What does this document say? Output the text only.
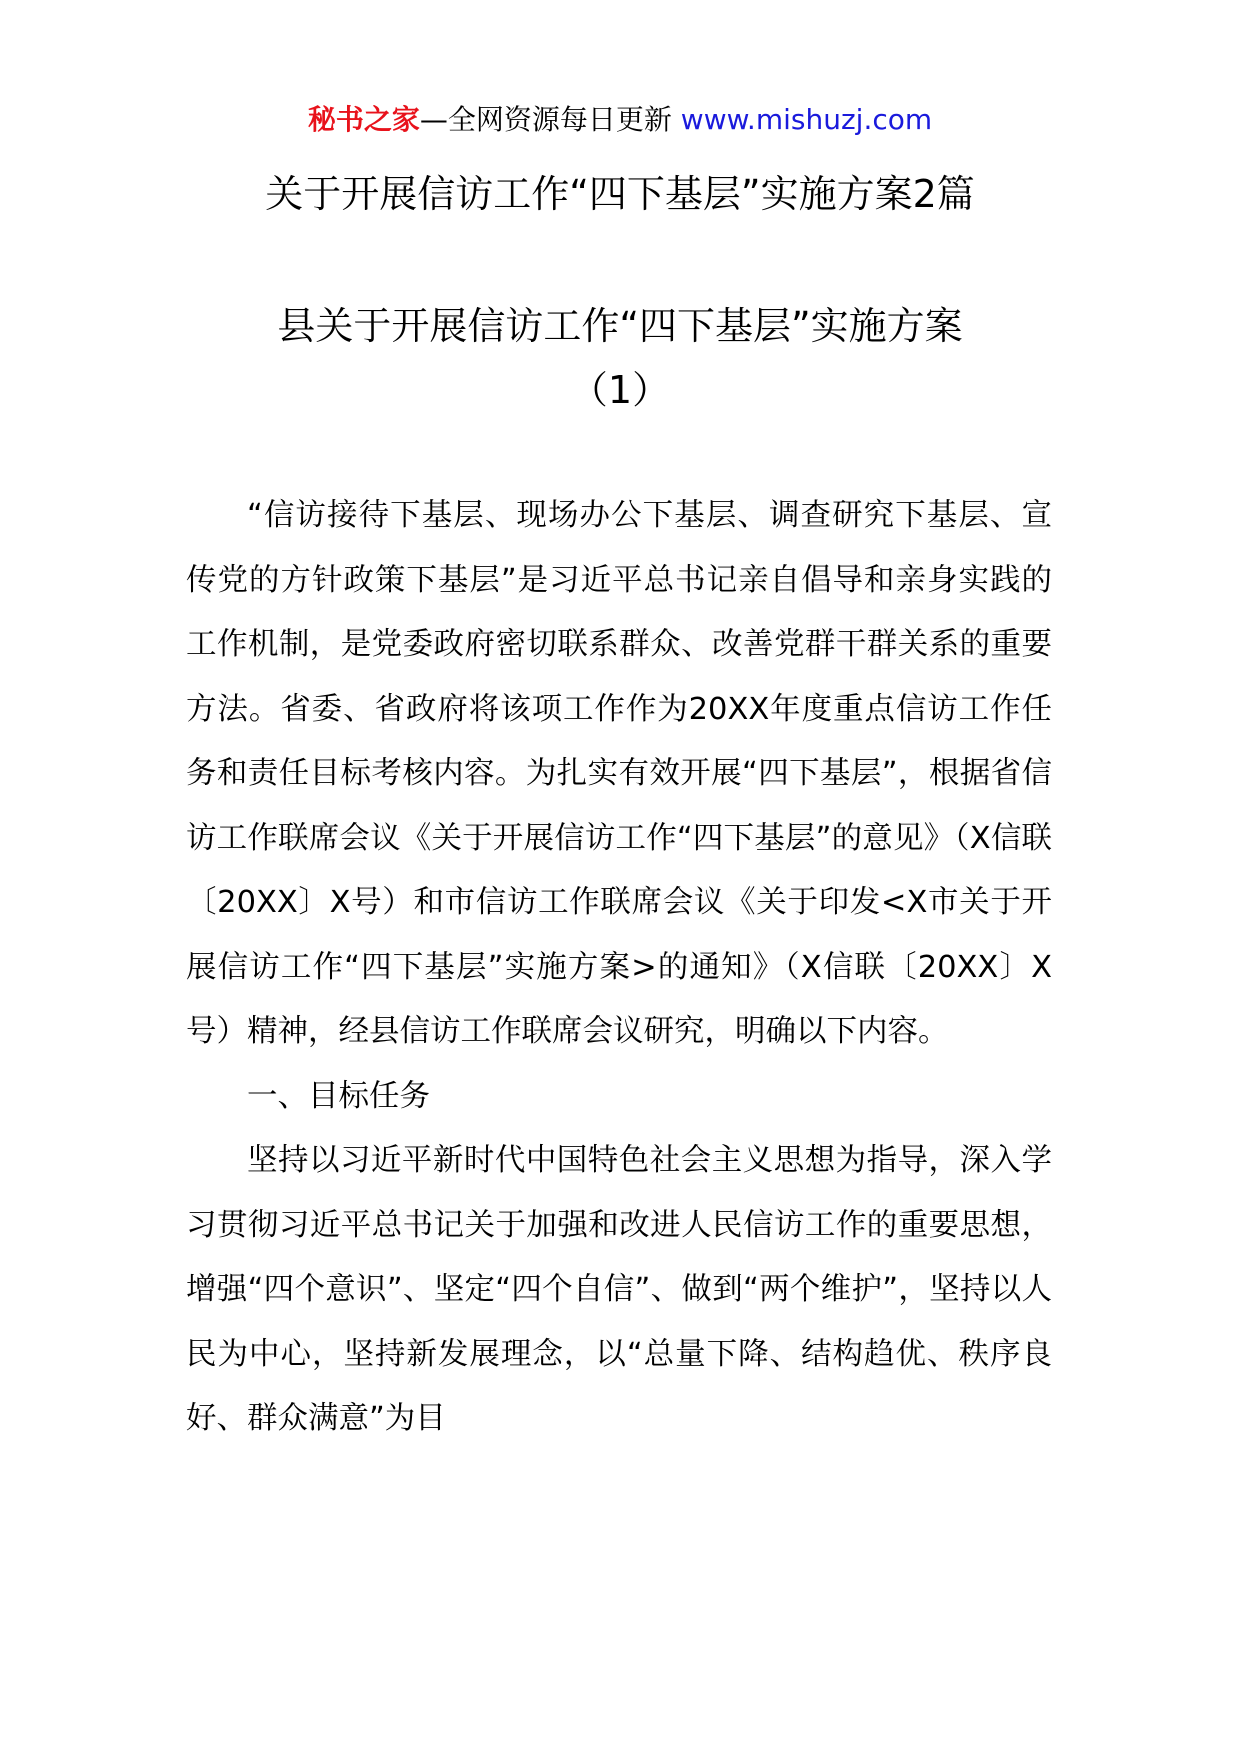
秘书之家—全网资源每日更新 www.mishuzj.com
关于开展信访工作“四下基层”实施方案2篇
县关于开展信访工作“四下基层”实施方案
（1）

“信访接待下基层、现场办公下基层、调查研究下基层、宣传党的方针政策下基层”是习近平总书记亲自倡导和亲身实践的工作机制，是党委政府密切联系群众、改善党群干群关系的重要方法。省委、省政府将该项工作作为20XX年度重点信访工作任务和责任目标考核内容。为扎实有效开展“四下基层”，根据省信访工作联席会议《关于开展信访工作“四下基层”的意见》（X信联〔20XX〕X号）和市信访工作联席会议《关于印发<X市关于开展信访工作“四下基层”实施方案>的通知》（X信联〔20XX〕X号）精神，经县信访工作联席会议研究，明确以下内容。

一、目标任务

坚持以习近平新时代中国特色社会主义思想为指导，深入学习贯彻习近平总书记关于加强和改进人民信访工作的重要思想，增强“四个意识”、坚定“四个自信”、做到“两个维护”，坚持以人民为中心，坚持新发展理念，以“总量下降、结构趋优、秩序良好、群众满意”为目
